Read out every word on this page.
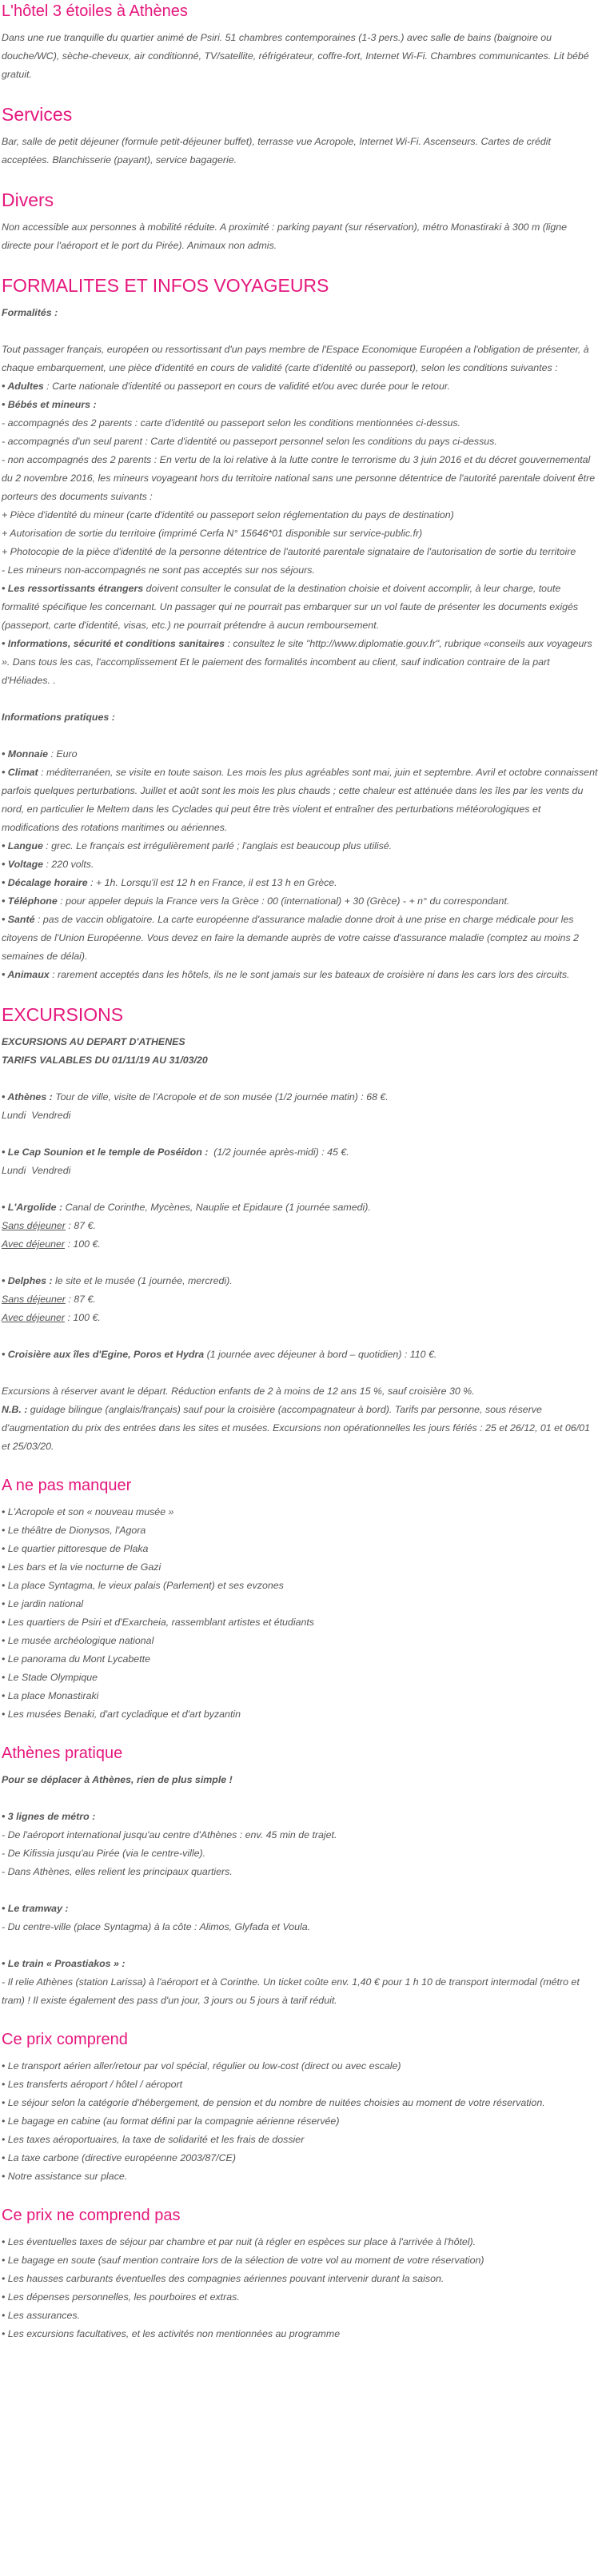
L'hôtel 3 étoiles à Athènes

Dans une rue tranquille du quartier animé de Psiri. 51 chambres contemporaines (1-3 pers.) avec salle de bains (baignoire ou douche/WC), sèche-cheveux, air conditionné, TV/satellite, réfrigérateur, coffre-fort, Internet Wi-Fi. Chambres communicantes. Lit bébé gratuit.

Services

Bar, salle de petit déjeuner (formule petit-déjeuner buffet), terrasse vue Acropole, Internet Wi-Fi. Ascenseurs. Cartes de crédit acceptées. Blanchisserie (payant), service bagagerie.

Divers

Non accessible aux personnes à mobilité réduite. A proximité : parking payant (sur réservation), métro Monastiraki à 300 m (ligne directe pour l'aéroport et le port du Pirée). Animaux non admis.

FORMALITES ET INFOS VOYAGEURS

Formalités :

Tout passager français, européen ou ressortissant d'un pays membre de l'Espace Economique Européen a l'obligation de présenter, à chaque embarquement, une pièce d'identité en cours de validité (carte d'identité ou passeport), selon les conditions suivantes :

• Adultes : Carte nationale d'identité ou passeport en cours de validité et/ou avec durée pour le retour.

• Bébés et mineurs :

- accompagnés des 2 parents : carte d'identité ou passeport selon les conditions mentionnées ci-dessus.
- accompagnés d'un seul parent : Carte d'identité ou passeport personnel selon les conditions du pays ci-dessus.
- non accompagnés des 2 parents : En vertu de la loi relative à la lutte contre le terrorisme du 3 juin 2016 et du décret gouvernemental du 2 novembre 2016, les mineurs voyageant hors du territoire national sans une personne détentrice de l'autorité parentale doivent être porteurs des documents suivants :
+ Pièce d'identité du mineur (carte d'identité ou passeport selon réglementation du pays de destination)
+ Autorisation de sortie du territoire (imprimé Cerfa N° 15646*01 disponible sur service-public.fr)
+ Photocopie de la pièce d'identité de la personne détentrice de l'autorité parentale signataire de l'autorisation de sortie du territoire
- Les mineurs non-accompagnés ne sont pas acceptés sur nos séjours.

• Les ressortissants étrangers doivent consulter le consulat de la destination choisie et doivent accomplir, à leur charge, toute formalité spécifique les concernant. Un passager qui ne pourrait pas embarquer sur un vol faute de présenter les documents exigés (passeport, carte d'identité, visas, etc.) ne pourrait prétendre à aucun remboursement.

• Informations, sécurité et conditions sanitaires : consultez le site "http://www.diplomatie.gouv.fr", rubrique «conseils aux voyageurs ». Dans tous les cas, l'accomplissement Et le paiement des formalités incombent au client, sauf indication contraire de la part d'Héliades. .

Informations pratiques :

• Monnaie : Euro

• Climat : méditerranéen, se visite en toute saison. Les mois les plus agréables sont mai, juin et septembre. Avril et octobre connaissent parfois quelques perturbations. Juillet et août sont les mois les plus chauds ; cette chaleur est atténuée dans les îles par les vents du nord, en particulier le Meltem dans les Cyclades qui peut être très violent et entraîner des perturbations météorologiques et modifications des rotations maritimes ou aériennes.

• Langue : grec. Le français est irrégulièrement parlé ; l'anglais est beaucoup plus utilisé.

• Voltage : 220 volts.

• Décalage horaire : + 1h. Lorsqu'il est 12 h en France, il est 13 h en Grèce.

• Téléphone : pour appeler depuis la France vers la Grèce : 00 (international) + 30 (Grèce) - + n° du correspondant.

• Santé : pas de vaccin obligatoire. La carte européenne d'assurance maladie donne droit à une prise en charge médicale pour les citoyens de l'Union Européenne. Vous devez en faire la demande auprès de votre caisse d'assurance maladie (comptez au moins 2 semaines de délai).

• Animaux : rarement acceptés dans les hôtels, ils ne le sont jamais sur les bateaux de croisière ni dans les cars lors des circuits.

EXCURSIONS

EXCURSIONS AU DEPART D'ATHENES

TARIFS VALABLES DU 01/11/19 AU 31/03/20

• Athènes : Tour de ville, visite de l'Acropole et de son musée (1/2 journée matin) : 68 €.

Lundi  Vendredi

• Le Cap Sounion et le temple de Poséidon :  (1/2 journée après-midi) : 45 €.

Lundi  Vendredi

• L'Argolide : Canal de Corinthe, Mycènes, Nauplie et Epidaure (1 journée samedi).

Sans déjeuner : 87 €.

Avec déjeuner : 100 €.

• Delphes : le site et le musée (1 journée, mercredi).

Sans déjeuner : 87 €.

Avec déjeuner : 100 €.

• Croisière aux îles d'Egine, Poros et Hydra (1 journée avec déjeuner à bord – quotidien) : 110 €.

Excursions à réserver avant le départ. Réduction enfants de 2 à moins de 12 ans 15 %, sauf croisière 30 %.

N.B. : guidage bilingue (anglais/français) sauf pour la croisière (accompagnateur à bord). Tarifs par personne, sous réserve d'augmentation du prix des entrées dans les sites et musées. Excursions non opérationnelles les jours fériés : 25 et 26/12, 01 et 06/01 et 25/03/20.

A ne pas manquer
• L'Acropole et son « nouveau musée »
• Le théâtre de Dionysos, l'Agora
• Le quartier pittoresque de Plaka
• Les bars et la vie nocturne de Gazi
• La place Syntagma, le vieux palais (Parlement) et ses evzones
• Le jardin national
• Les quartiers de Psiri et d'Exarcheia, rassemblant artistes et étudiants
• Le musée archéologique national
• Le panorama du Mont Lycabette
• Le Stade Olympique
• La place Monastiraki
• Les musées Benaki, d'art cycladique et d'art byzantin
Athènes pratique

Pour se déplacer à Athènes, rien de plus simple !

• 3 lignes de métro :

- De l'aéroport international jusqu'au centre d'Athènes : env. 45 min de trajet.
- De Kifissia jusqu'au Pirée (via le centre-ville).
- Dans Athènes, elles relient les principaux quartiers.

• Le tramway :

- Du centre-ville (place Syntagma) à la côte : Alimos, Glyfada et Voula.

• Le train « Proastiakos » :

- Il relie Athènes (station Larissa) à l'aéroport et à Corinthe. Un ticket coûte env. 1,40 € pour 1 h 10 de transport intermodal (métro et tram) ! Il existe également des pass d'un jour, 3 jours ou 5 jours à tarif réduit.
Ce prix comprend
• Le transport aérien aller/retour par vol spécial, régulier ou low-cost (direct ou avec escale)
• Les transferts aéroport / hôtel / aéroport
• Le séjour selon la catégorie d'hébergement, de pension et du nombre de nuitées choisies au moment de votre réservation.
• Le bagage en cabine (au format défini par la compagnie aérienne réservée)
• Les taxes aéroportuaires, la taxe de solidarité et les frais de dossier
• La taxe carbone (directive européenne 2003/87/CE)
• Notre assistance sur place.
Ce prix ne comprend pas
• Les éventuelles taxes de séjour par chambre et par nuit (à régler en espèces sur place à l'arrivée à l'hôtel).
• Le bagage en soute (sauf mention contraire lors de la sélection de votre vol au moment de votre réservation)
• Les hausses carburants éventuelles des compagnies aériennes pouvant intervenir durant la saison.
• Les dépenses personnelles, les pourboires et extras.
• Les assurances.
• Les excursions facultatives, et les activités non mentionnées au programme
